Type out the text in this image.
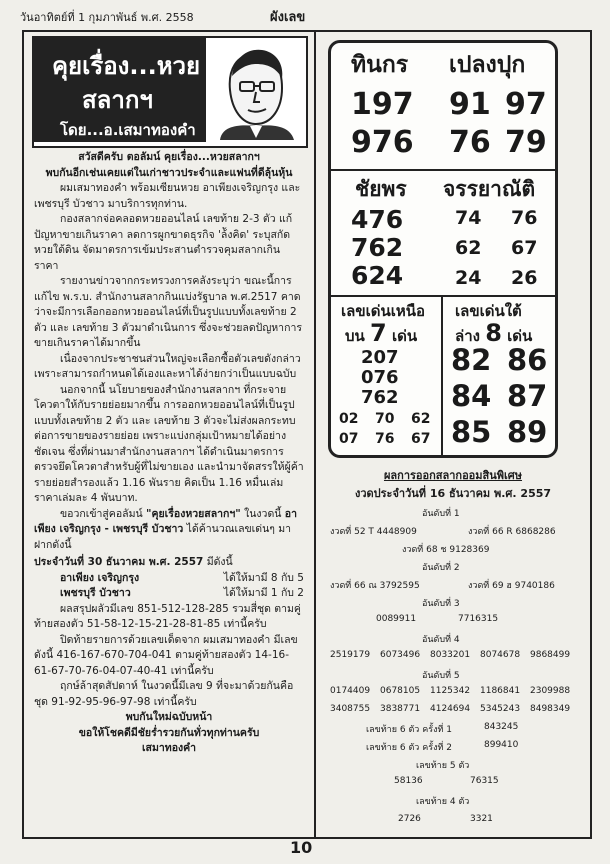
วันอาทิตย์ที่ 1 กุมภาพันธ์ พ.ศ. 2558	ผังเลข
คุยเรื่อง...หวย
สลากฯ
โดย...อ.เสมาทองคำ

สวัสดีครับ ตอลัมน์ คุยเรื่อง...หวยสลากฯ

พบกันอีกเช่นเคยแต่ในเก่าชาวประจำและแฟนที่ดีลุ้นหุ้น

ผมเสมาทองคำ พร้อมเซียนหวย อาเพียงเจริญกรุง และ เพชรบุรี บัวชาว มาบริการทุกท่าน.

กองสลากจ่อคลอดหวยออนไลน์ เลขท้าย 2-3 ตัว แก้ปัญหาขายเกินราคา ลดการผูกขาดธุรกิจ 'ล้ังคิด' ระบุสกัดหวยใต้ดิน จัดมาตรการเข้มประสานตำรวจคุมสลากเกินราคา

รายงานข่าวจากกระทรวงการคลังระบุว่า ขณะนี้การแก้ไข พ.ร.บ. สำนักงานสลากกินแบ่งรัฐบาล พ.ศ.2517 คาดว่าจะมีการเลือกออกหวยออนไลน์ที่เป็นรูปแบบทั้งเลขท้าย 2 ตัว และ เลขท้าย 3 ตัวมาดำเนินการ ซึ่งจะช่วยลดปัญหาการขายเกินราคาได้มากขึ้น

เนื่องจากประชาชนส่วนใหญ่จะเลือกซื้อตัวเลขดังกล่าว เพราะสามารถกำหนดได้เองและหาได้ง่ายกว่าเป็นแบบฉบับ

นอกจากนี้ นโยบายของสำนักงานสลากฯ ที่กระจายโควตาให้กับรายย่อยมากขึ้น การออกหวยออนไลน์ที่เป็นรูปแบบทั้งเลขท้าย 2 ตัว และ เลขท้าย 3 ตัวจะไม่ส่งผลกระทบต่อการขายของรายย่อย เพราะแบ่งกลุ่มเป้าหมายได้อย่างชัดเจน ซึ่งที่ผ่านมาสำนักงานสลากฯ ได้ดำเนินมาตรการตรวจยึดโควตาสำหรับผู้ที่ไม่ขายเอง และนำมาจัดสรรให้ผู้ค้ารายย่อยสำรองแล้ว 1.16 พันราย คิดเป็น 1.16 หมื่นเล่ม ราคาเล่มละ 4 พันบาท.

ขอวกเข้าสู่คอลัมน์ "คุยเรื่องหวยสลากฯ" ในงวดนี้ อาเพียง เจริญกรุง - เพชรบุรี บัวชาว ได้ค้านวณเลขเด่นๆ มาฝากดังนี้

ประจำวันที่ 30 ธันวาคม พ.ศ. 2557 มีดังนี้

อาเพียง เจริญกรุง	ได้ให้มามี 8 กับ 5
เพชรบุรี บัวชาว	ได้ให้มามี 1 กับ 2

ผลสรุปผลัวมีเลข 851-512-128-285 รวมสี่ชุด ตามคู่ท้ายสองตัว 51-58-12-15-21-28-81-85 เท่านี้ครับ

ปิดท้ายรายการด้วยเลขเด็ดจาก ผมเสมาทองคำ มีเลขดังนี้ 416-167-670-704-041 ตามคู่ท้ายสองตัว 14-16-61-67-70-76-04-07-40-41 เท่านี้ครับ

ฤกษ์ล้าสุดสัปดาห์ ในงวดนี้มีเลข 9 ที่จะมาด้วยกันคือชุด 91-92-95-96-97-98 เท่านี้ครับ

พบกันใหม่ฉบับหน้า

ขอให้โชคดีมีชัยร่ำรวยกันทั่วทุกท่านครับ

เสมาทองคำ

ทินกร เปลงปุก
197 91 97
976 76 79
ชัยพร จรรยาณัติ
476	74 76
762	62 67
624	24 26
เลขเด่นเหนือ
บน 7 เด่น
เลขเด่นใต้
ล่าง 8 เด่น
207
076
762
02 70 62
07 76 67
82 86
84 87
85 89
ผลการออกสลากออมสินพิเศษ
งวดประจำวันที่ 16 ธันวาคม พ.ศ. 2557
อันดับที่ 1
งวดที่ 52 T 4448909	งวดที่ 66 R 6868286
งวดที่ 68 ช 9128369
อันดับที่ 2
งวดที่ 66 ณ 3792595	งวดที่ 69 ฮ 9740186
อันดับที่ 3
0089911	7716315
อันดับที่ 4
2519179 6073496 8033201 8074678 9868499
อันดับที่ 5
0174409 0678105 1125342 1186841 2309988
3408755 3838771 4124694 5345243 8498349
เลขท้าย 6 ตัว ครั้งที่ 1	843245
เลขท้าย 6 ตัว ครั้งที่ 2	899410
เลขท้าย 5 ตัว
58136	76315
เลขท้าย 4 ตัว
2726	3321
10
